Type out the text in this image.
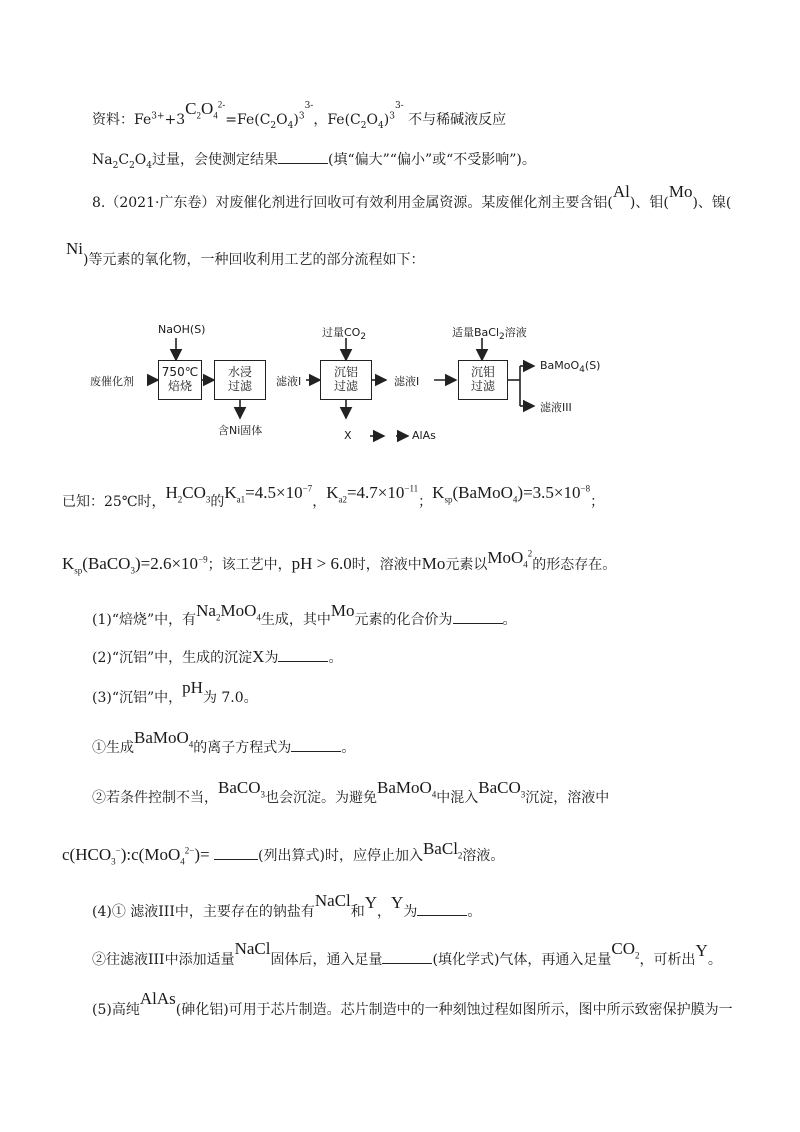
资料：$Fe^{3+}+3C_2O_4^{2-}=Fe(C_2O_4)^{33-}$，$Fe(C_2O_4)^{33-}$ 不与稀碱液反应
$Na_2C_2O_4$过量，会使测定结果	(填“偏大”“偏小”或“不受影响”)。
8.（2021·广东卷）对废催化剂进行回收可有效利用金属资源。某废催化剂主要含铝(Al)、钼(Mo)、镍(
Ni)等元素的氧化物，一种回收利用工艺的部分流程如下：
NaOH(S)
废催化剂
750℃
焙烧
水浸
过滤
含Ni固体
滤液I
过量$CO_2$
沉铝
过滤	滤液I
X -	AlAs
适量BaCl$_2$溶液
沉钼
过滤
BaMoO$_4$(S)
滤液III
已知：25℃时，$H_2CO_3$的$K_{a1}=4.5\times 10^{-7}$，$K_{a2}=4.7\times 10^{-11}$；$K_{sp}(BaMoO_4)=3.5\times 10^{-8}$；
$K_{sp}(BaCO_3)=2.6\times 10^{-9}$；该工艺中，pH > 6.0时，溶液中Mo元素以MoO$_4^2$的形态存在。
(1)“焙烧”中，有$Na_2MoO_4$生成，其中Mo元素的化合价为	。
(2)“沉铝”中，生成的沉淀X为	。
(3)“沉铝”中，pH为 7.0。
①生成BaMoO$_4$的离子方程式为	。
②若条件控制不当，BaCO$_3$也会沉淀。为避免BaMoO$_4$中混入BaCO$_3$沉淀，溶液中
$c(HCO_3^-):c(MoO_4^{2-})=$	(列出算式)时，应停止加入BaCl$_2$溶液。
(4)① 滤液III中，主要存在的钠盐有NaCl和Y，Y为	。
②往滤液III中添加适量NaCl固体后，通入足量	(填化学式)气体，再通入足量$CO_2$，可析出Y。
(5)高纯AlAs(砷化铝)可用于芯片制造。芯片制造中的一种刻蚀过程如图所示，图中所示致密保护膜为一
